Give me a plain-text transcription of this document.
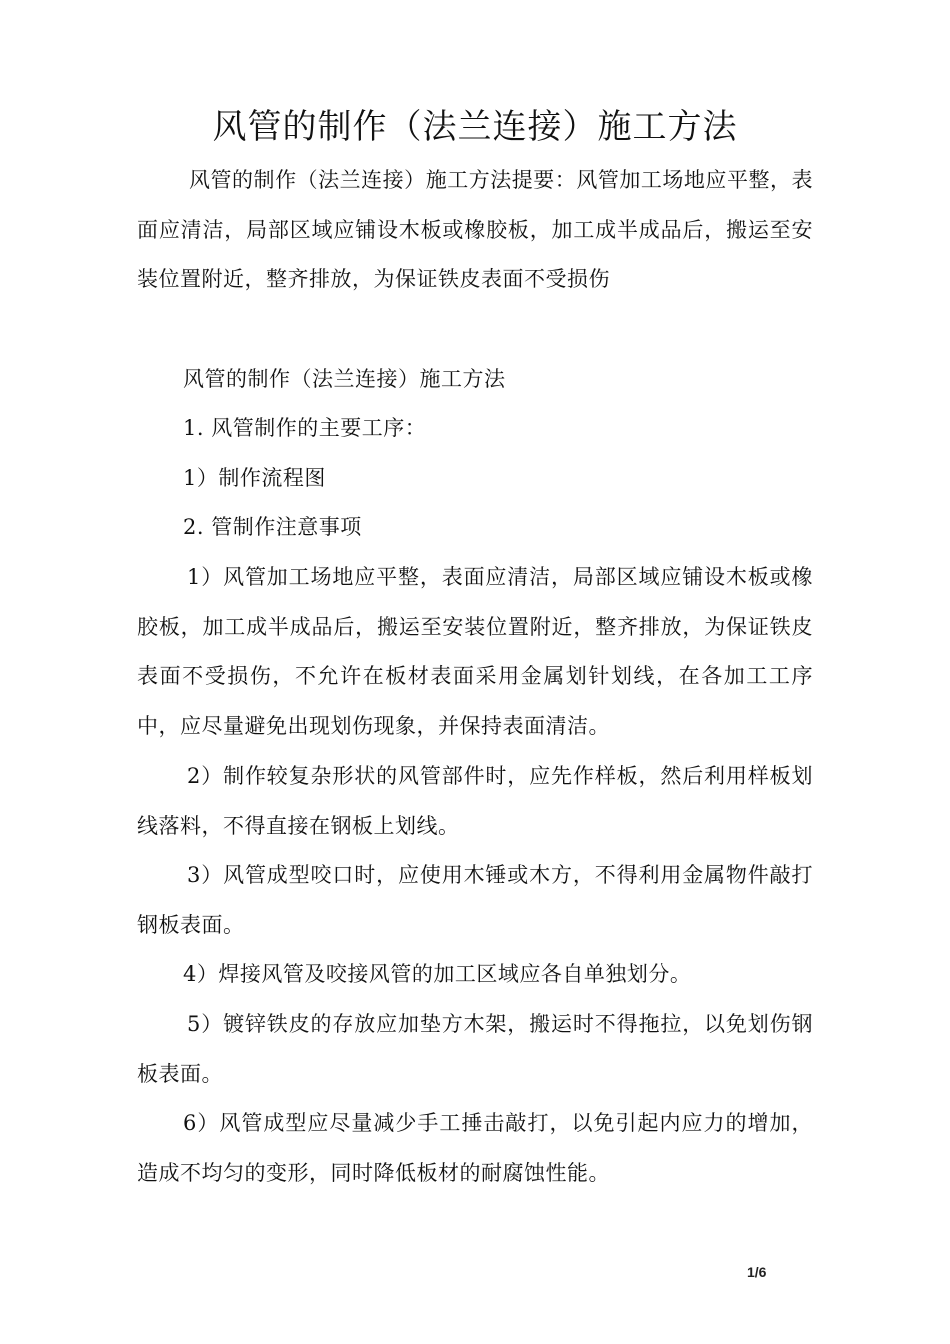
风管的制作（法兰连接）施工方法

风管的制作（法兰连接）施工方法提要：风管加工场地应平整，表面应清洁，局部区域应铺设木板或橡胶板，加工成半成品后，搬运至安装位置附近，整齐排放，为保证铁皮表面不受损伤

风管的制作（法兰连接）施工方法
1. 风管制作的主要工序：
1）制作流程图
2. 管制作注意事项

1）风管加工场地应平整，表面应清洁，局部区域应铺设木板或橡胶板，加工成半成品后，搬运至安装位置附近，整齐排放，为保证铁皮表面不受损伤，不允许在板材表面采用金属划针划线，在各加工工序中，应尽量避免出现划伤现象，并保持表面清洁。

2）制作较复杂形状的风管部件时，应先作样板，然后利用样板划线落料，不得直接在钢板上划线。

3）风管成型咬口时，应使用木锤或木方，不得利用金属物件敲打钢板表面。

4）焊接风管及咬接风管的加工区域应各自单独划分。

5）镀锌铁皮的存放应加垫方木架，搬运时不得拖拉，以免划伤钢板表面。

6）风管成型应尽量减少手工捶击敲打，以免引起内应力的增加，造成不均匀的变形，同时降低板材的耐腐蚀性能。

1/6
